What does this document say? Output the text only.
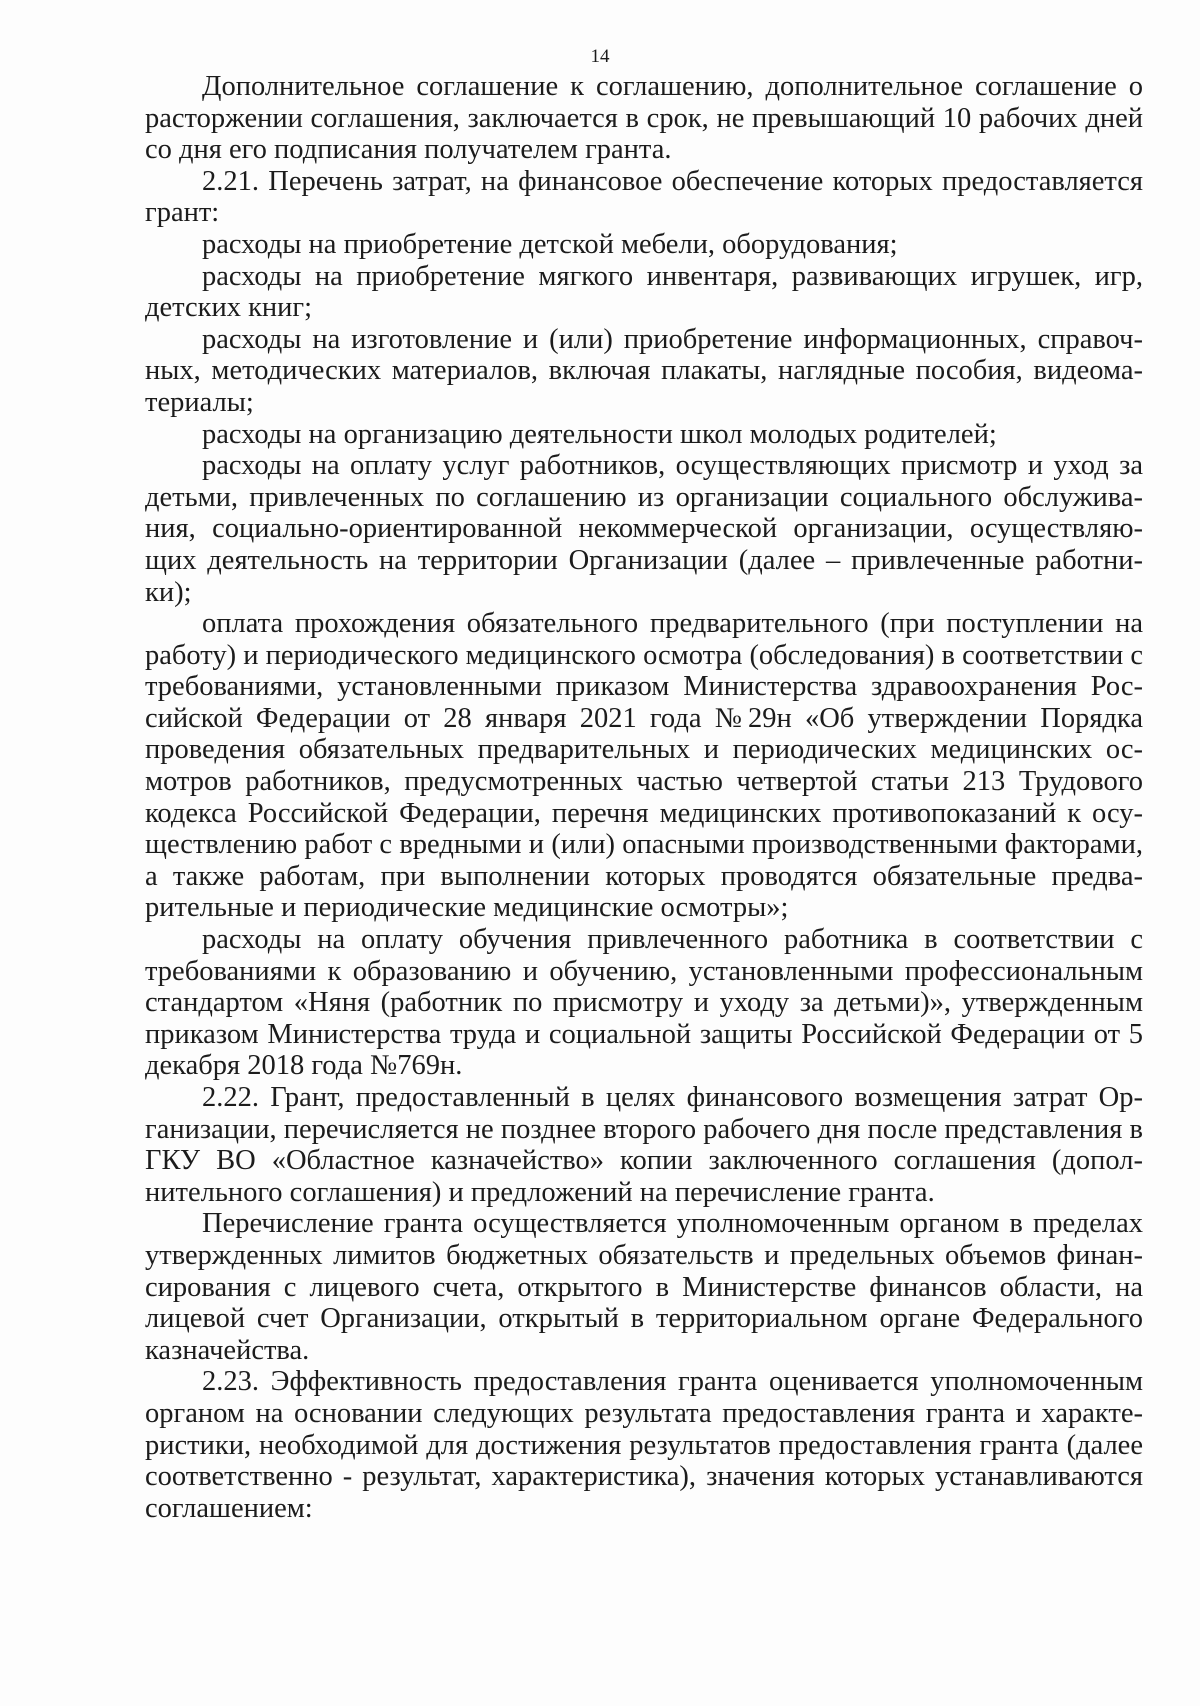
14

Дополнительное соглашение к соглашению, дополнительное соглашение о расторжении соглашения, заключается в срок, не превышающий 10 рабочих дней со дня его подписания получателем гранта.

2.21. Перечень затрат, на финансовое обеспечение которых предоставляется грант:

расходы на приобретение детской мебели, оборудования;

расходы на приобретение мягкого инвентаря, развивающих игрушек, игр, детских книг;

расходы на изготовление и (или) приобретение информационных, справочных, методических материалов, включая плакаты, наглядные пособия, видеоматериалы;

расходы на организацию деятельности школ молодых родителей;

расходы на оплату услуг работников, осуществляющих присмотр и уход за детьми, привлеченных по соглашению из организации социального обслуживания, социально-ориентированной некоммерческой организации, осуществляющих деятельность на территории Организации (далее – привлеченные работники);

оплата прохождения обязательного предварительного (при поступлении на работу) и периодического медицинского осмотра (обследования) в соответствии с требованиями, установленными приказом Министерства здравоохранения Российской Федерации от 28 января 2021 года №29н «Об утверждении Порядка проведения обязательных предварительных и периодических медицинских осмотров работников, предусмотренных частью четвертой статьи 213 Трудового кодекса Российской Федерации, перечня медицинских противопоказаний к осуществлению работ с вредными и (или) опасными производственными факторами, а также работам, при выполнении которых проводятся обязательные предварительные и периодические медицинские осмотры»;

расходы на оплату обучения привлеченного работника в соответствии с требованиями к образованию и обучению, установленными профессиональным стандартом «Няня (работник по присмотру и уходу за детьми)», утвержденным приказом Министерства труда и социальной защиты Российской Федерации от 5 декабря 2018 года №769н.

2.22. Грант, предоставленный в целях финансового возмещения затрат Организации, перечисляется не позднее второго рабочего дня после представления в ГКУ ВО «Областное казначейство» копии заключенного соглашения (дополнительного соглашения) и предложений на перечисление гранта.

Перечисление гранта осуществляется уполномоченным органом в пределах утвержденных лимитов бюджетных обязательств и предельных объемов финансирования с лицевого счета, открытого в Министерстве финансов области, на лицевой счет Организации, открытый в территориальном органе Федерального казначейства.

2.23. Эффективность предоставления гранта оценивается уполномоченным органом на основании следующих результата предоставления гранта и характеристики, необходимой для достижения результатов предоставления гранта (далее соответственно - результат, характеристика), значения которых устанавливаются соглашением:
